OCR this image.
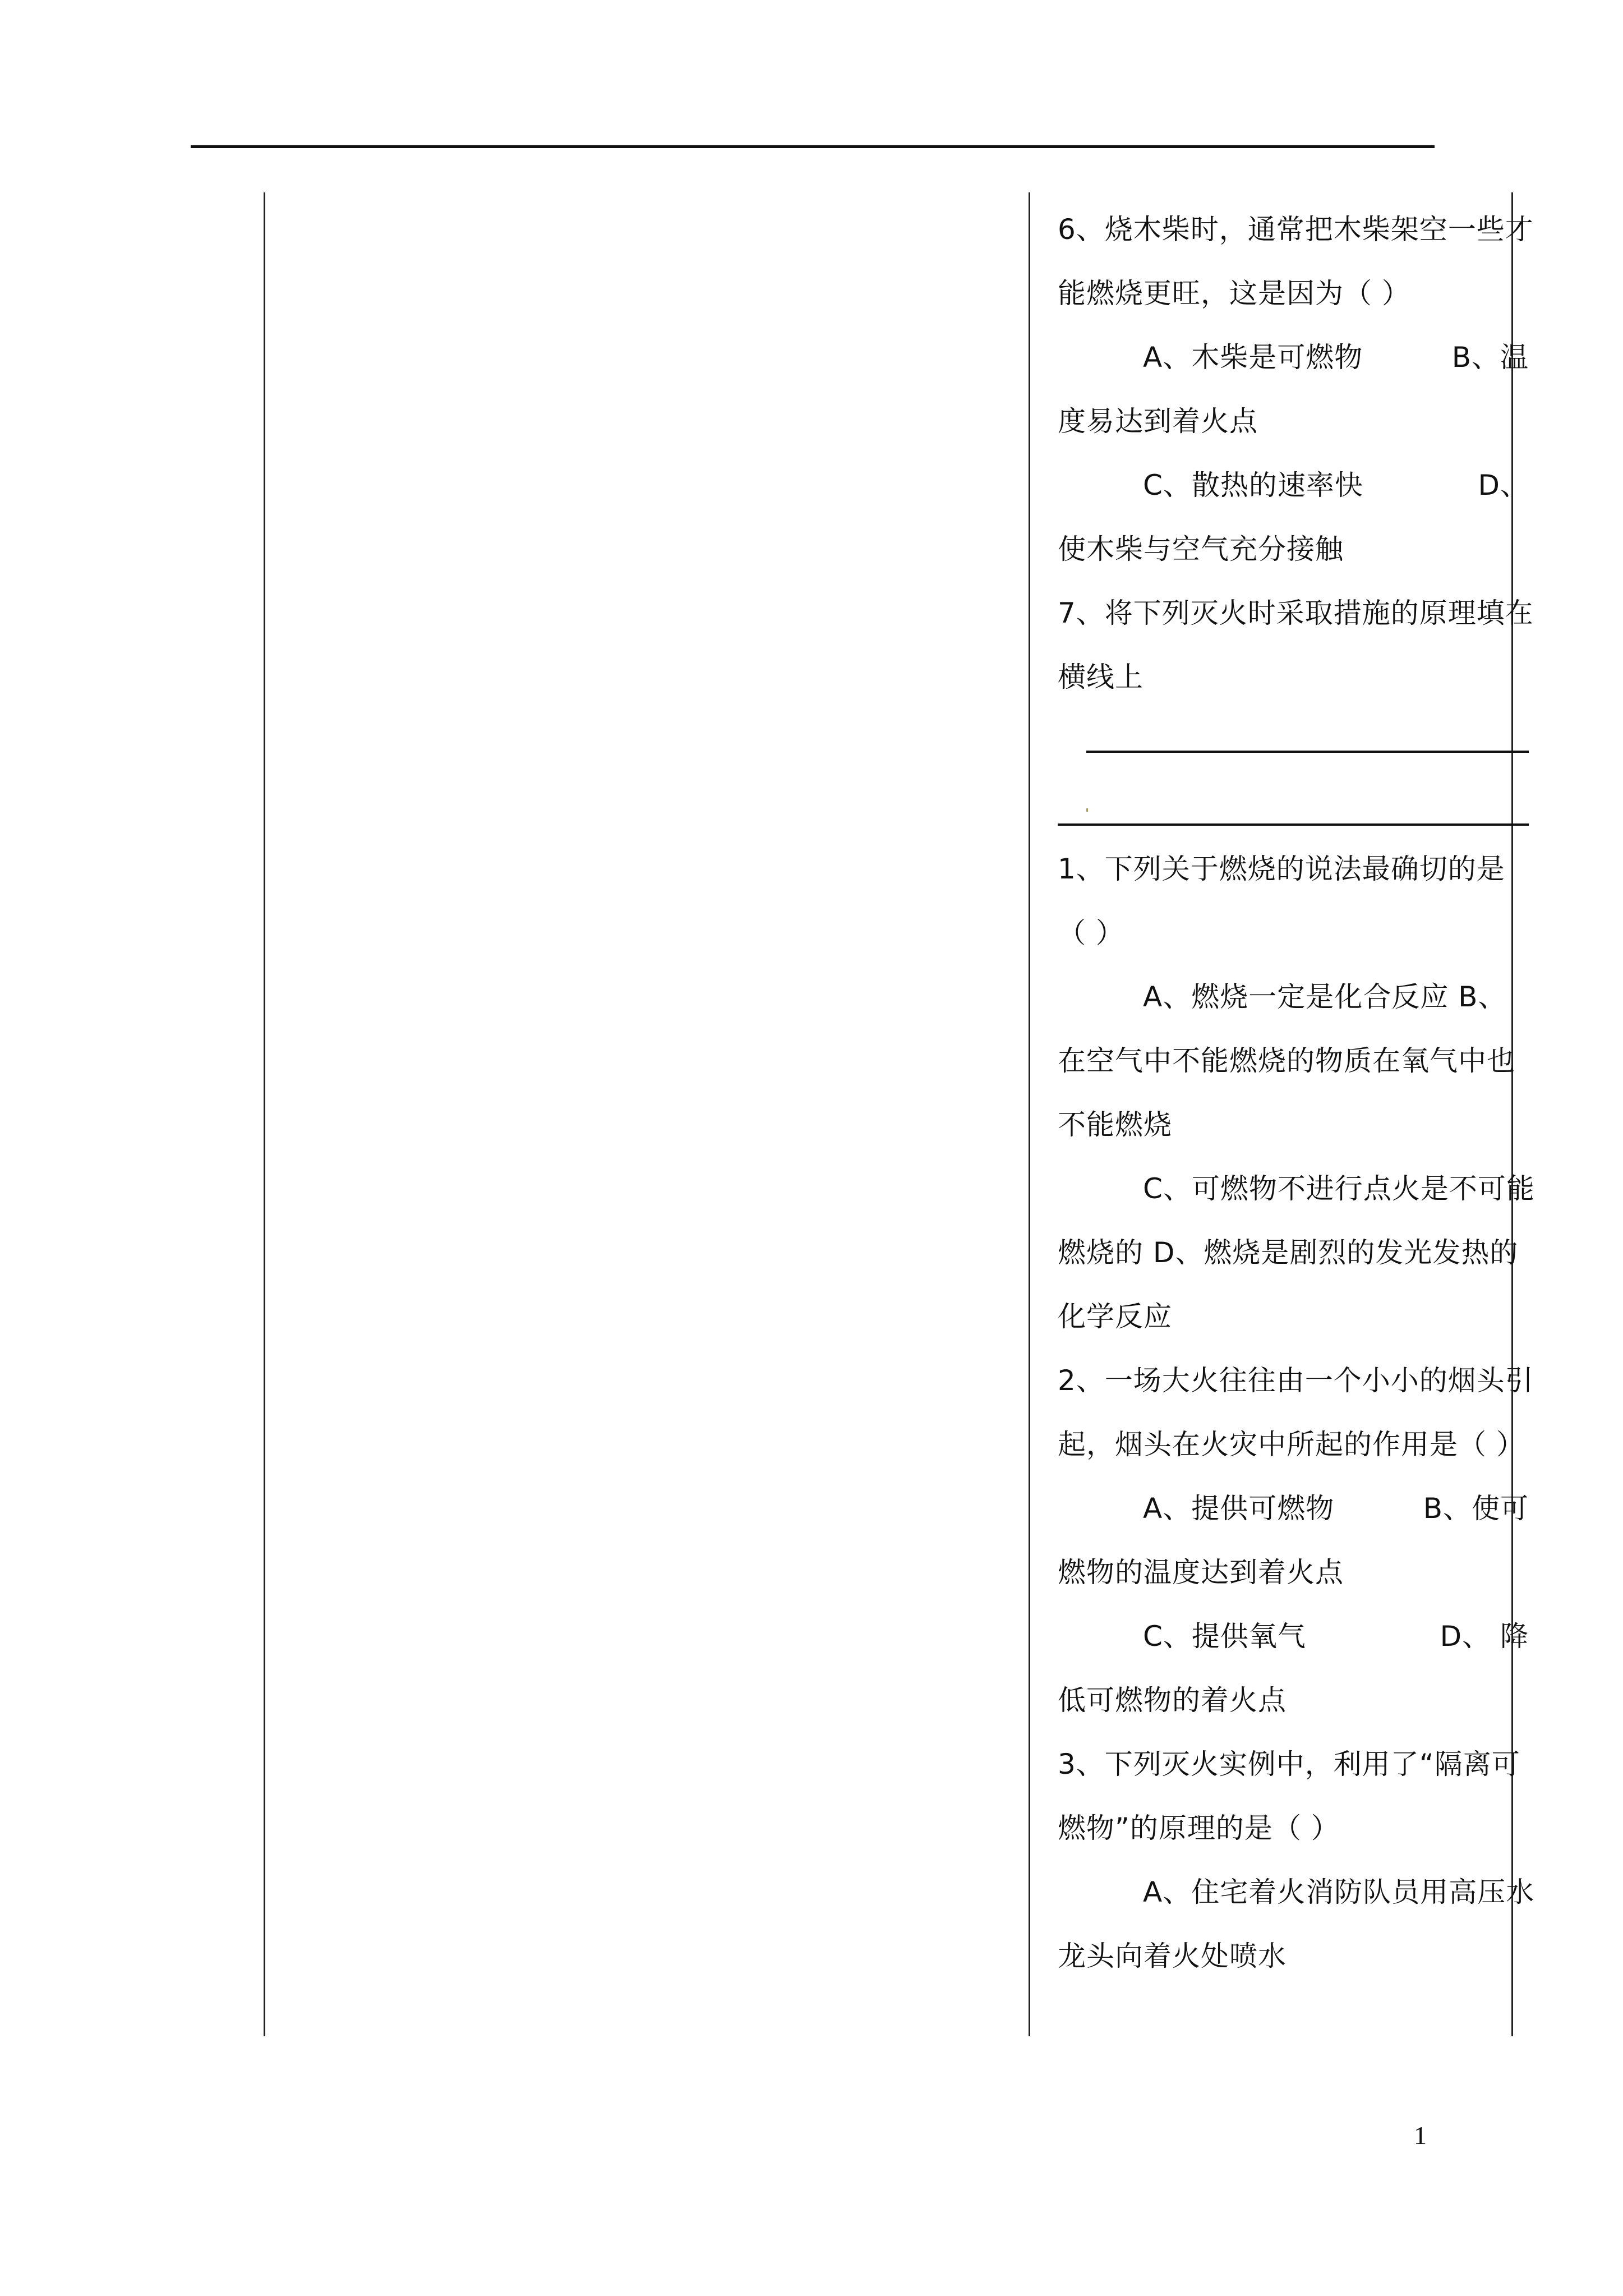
6、烧木柴时，通常把木柴架空一些才
能燃烧更旺，这是因为（ ）
A、木柴是可燃物	B、温
度易达到着火点
C、散热的速率快	D、
使木柴与空气充分接触
7、将下列灭火时采取措施的原理填在
横线上
1、下列关于燃烧的说法最确切的是
（ ）
A、燃烧一定是化合反应 B、
在空气中不能燃烧的物质在氧气中也
不能燃烧
C、可燃物不进行点火是不可能
燃烧的 D、燃烧是剧烈的发光发热的
化学反应
2、一场大火往往由一个小小的烟头引
起，烟头在火灾中所起的作用是（ ）
A、提供可燃物	B、使可
燃物的温度达到着火点
C、提供氧气	D、 降
低可燃物的着火点
3、下列灭火实例中，利用了“隔离可
燃物”的原理的是（ ）
A、住宅着火消防队员用高压水
龙头向着火处喷水
1
